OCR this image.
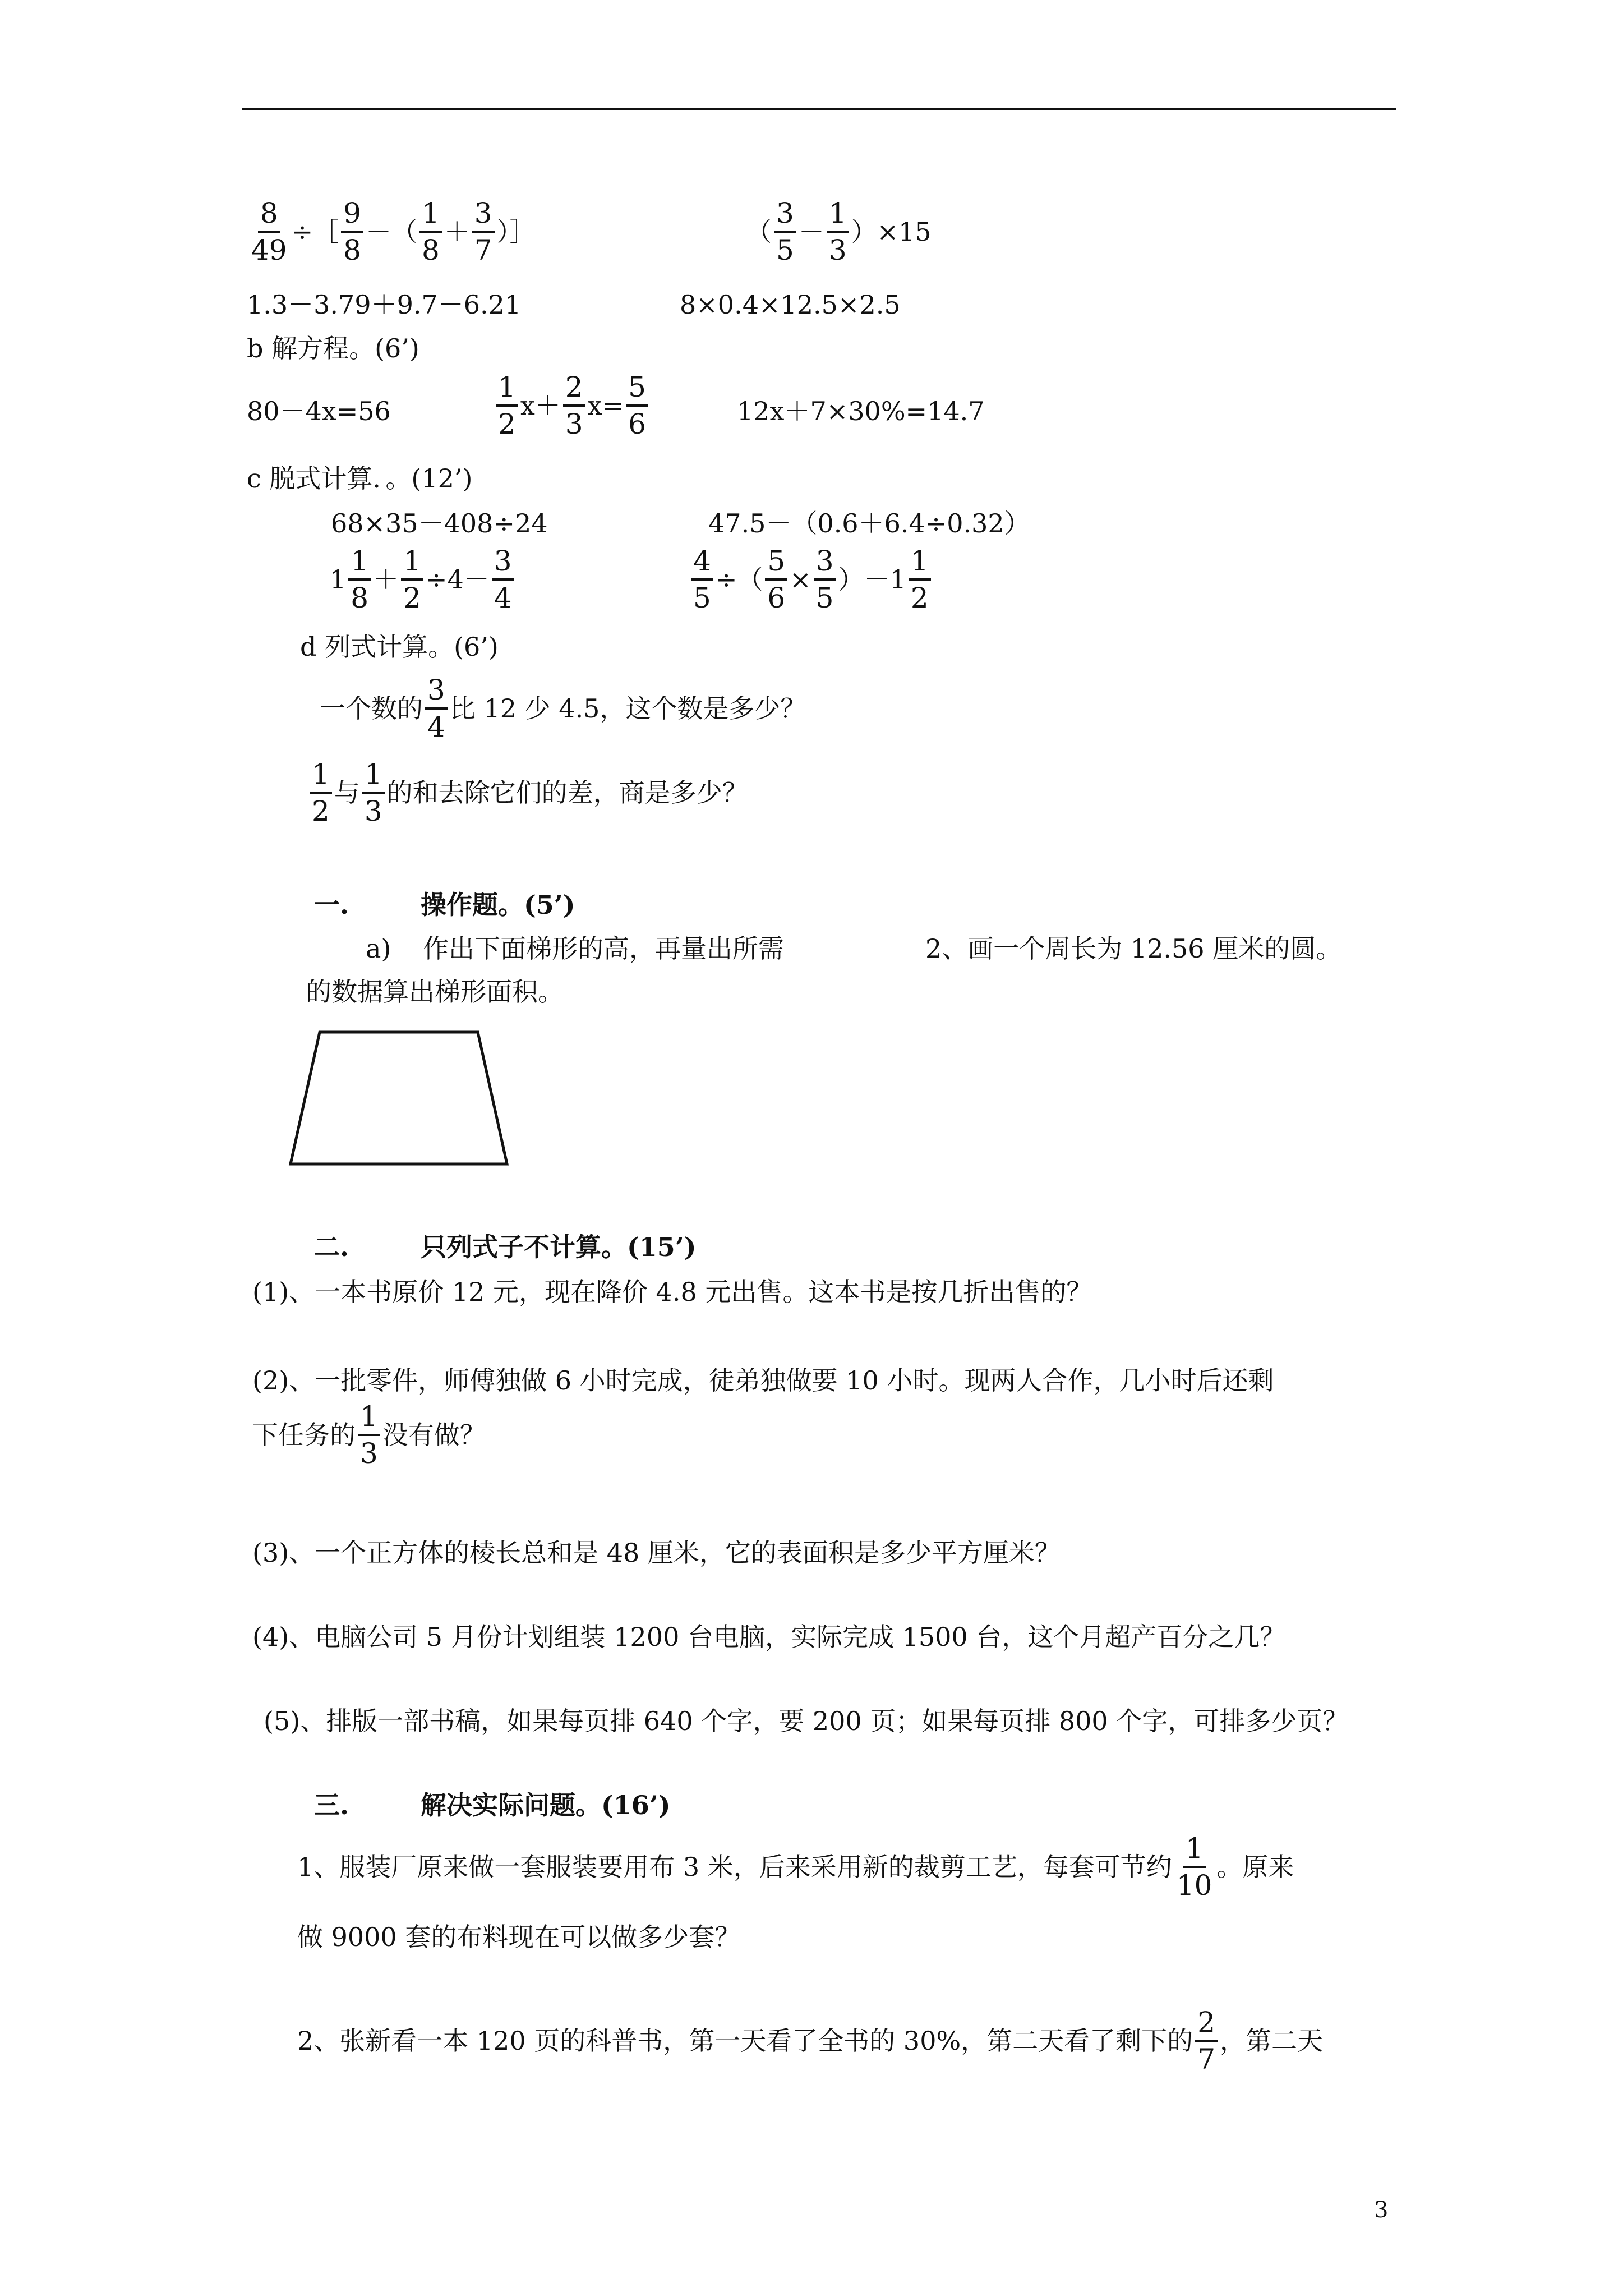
$\frac{8}{49}$ ÷［ $\frac{9}{8}$ －（ $\frac{1}{8} + \frac{3}{7}$ ）］	（ $\frac{3}{5} - \frac{1}{3} )\times 15$
1.3－3.79＋9.7－6.21	8×0.4×12.5×2.5
b 解方程。(6’)
80－4x=56	$\frac{1}{2} x+ \frac{2}{3} x= \frac{5}{6}$	12x＋7×30%=14.7
c 脱式计算．。(12’)
68×35－408÷24	47.5－（0.6＋6.4÷0.32）
$1 \frac{1}{8} + \frac{1}{2} \div 4- \frac{3}{4}$	$\frac{4}{5}$ ÷（ $\frac{5}{6} \times \frac{3}{5} )-1 \frac{1}{2}$
d 列式计算。(6’)
一个数的 $\frac{3}{4}$ 比 12 少 4.5，这个数是多少？
$\frac{1}{2}$ 与 $\frac{1}{3}$ 的和去除它们的差，商是多少？
一.	操作题。(5’)
a) 作出下面梯形的高，再量出所需
的数据算出梯形面积。
2、画一个周长为 12.56 厘米的圆。
二.	只列式子不计算。(15’)
(1)、一本书原价 12 元，现在降价 4.8 元出售。这本书是按几折出售的？
(2)、一批零件，师傅独做 6 小时完成，徒弟独做要 10 小时。现两人合作，几小时后还剩
下任务的 $\frac{1}{3}$ 没有做？
(3)、一个正方体的棱长总和是 48 厘米，它的表面积是多少平方厘米？
(4)、电脑公司 5 月份计划组装 1200 台电脑，实际完成 1500 台，这个月超产百分之几？
(5)、排版一部书稿，如果每页排 640 个字，要 200 页；如果每页排 800 个字，可排多少页？
三.	解决实际问题。(16’)
1、服装厂原来做一套服装要用布 3 米，后来采用新的裁剪工艺，每套可节约 $\frac{1}{10}$ 。原来
做 9000 套的布料现在可以做多少套？
2、张新看一本 120 页的科普书，第一天看了全书的 30%，第二天看了剩下的 $\frac{2}{7}$ ，第二天
3
